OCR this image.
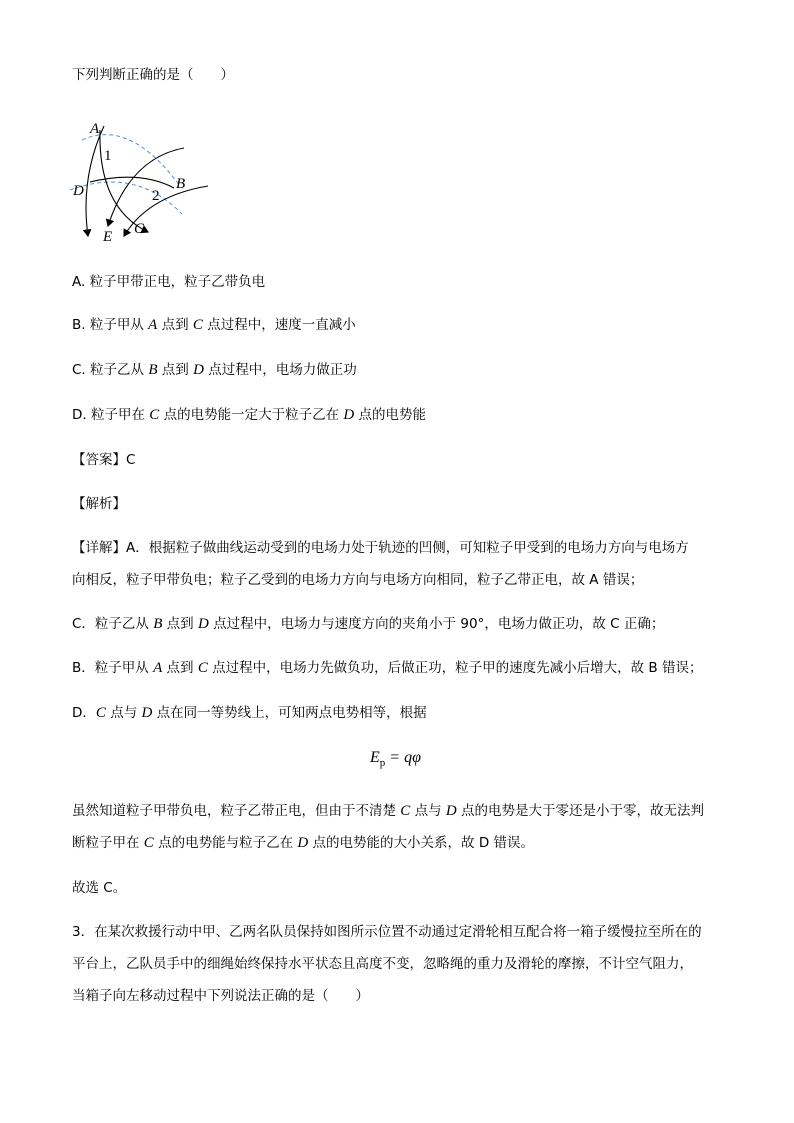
下列判断正确的是（　　）
A
1
D	2
B
C
E
A. 粒子甲带正电，粒子乙带负电
B. 粒子甲从 A 点到 C 点过程中，速度一直减小
C. 粒子乙从 B 点到 D 点过程中，电场力做正功
D. 粒子甲在 C 点的电势能一定大于粒子乙在 D 点的电势能
【答案】C
【解析】
【详解】A．根据粒子做曲线运动受到的电场力处于轨迹的凹侧，可知粒子甲受到的电场力方向与电场方
向相反，粒子甲带负电；粒子乙受到的电场力方向与电场方向相同，粒子乙带正电，故 A 错误；
C．粒子乙从 B 点到 D 点过程中，电场力与速度方向的夹角小于 90°，电场力做正功，故 C 正确；
B．粒子甲从 A 点到 C 点过程中，电场力先做负功，后做正功，粒子甲的速度先减小后增大，故 B 错误；
D．C 点与 D 点在同一等势线上，可知两点电势相等，根据
$E_p = q\varphi$
虽然知道粒子甲带负电，粒子乙带正电，但由于不清楚 C 点与 D 点的电势是大于零还是小于零，故无法判
断粒子甲在 C 点的电势能与粒子乙在 D 点的电势能的大小关系，故 D 错误。
故选 C。
3．在某次救援行动中甲、乙两名队员保持如图所示位置不动通过定滑轮相互配合将一箱子缓慢拉至所在的
平台上，乙队员手中的细绳始终保持水平状态且高度不变，忽略绳的重力及滑轮的摩擦，不计空气阻力，
当箱子向左移动过程中下列说法正确的是（　　）
